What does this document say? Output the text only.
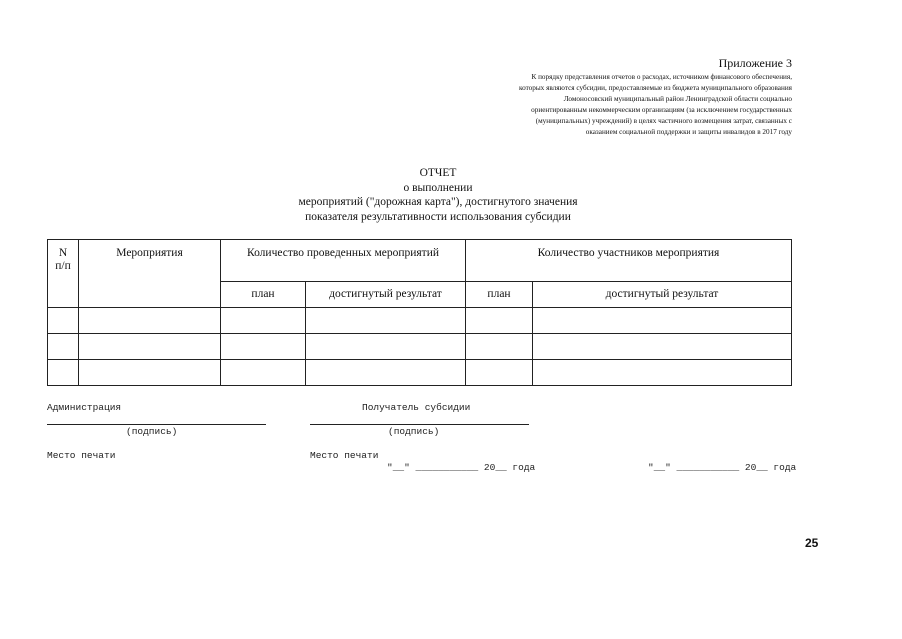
Приложение 3
К порядку представления отчетов о расходах, источником финансового обеспечения,
которых являются субсидии, предоставляемые из бюджета муниципального образования
Ломоносовский муниципальный район Ленинградской области социально
ориентированным некоммерческим организациям (за исключением государственных
(муниципальных) учреждений) в целях частичного возмещения затрат, связанных с
оказанием социальной поддержки и защиты инвалидов в 2017 году
ОТЧЕТ
о выполнении
мероприятий ("дорожная карта"), достигнутого значения
показателя результативности использования субсидии
N
п/п	Мероприятия	Количество проведенных мероприятий		Количество участников мероприятия	
		план	достигнутый результат	план	достигнутый результат

Администрация
(подпись)
Место печати
Получатель субсидии
(подпись)
Место печати
"__" ___________ 20__ года	"__" ___________ 20__ года
25
